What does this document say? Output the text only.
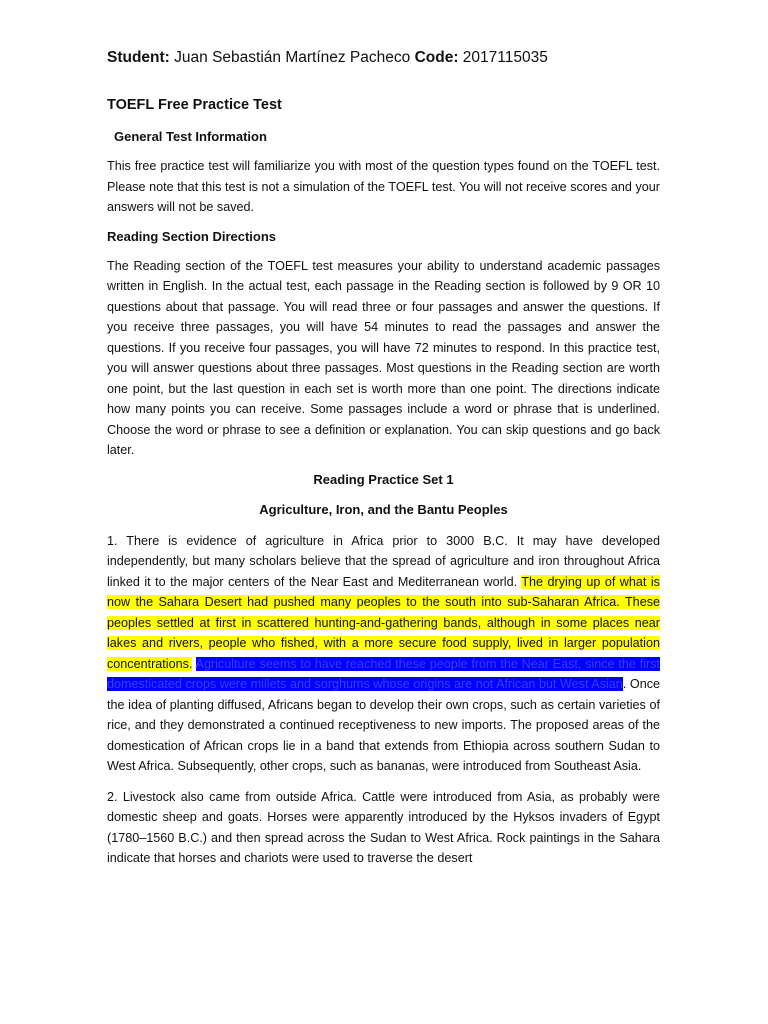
Student: Juan Sebastián Martínez Pacheco Code: 2017115035
TOEFL Free Practice Test
General Test Information

This free practice test will familiarize you with most of the question types found on the TOEFL test. Please note that this test is not a simulation of the TOEFL test. You will not receive scores and your answers will not be saved.

Reading Section Directions

The Reading section of the TOEFL test measures your ability to understand academic passages written in English. In the actual test, each passage in the Reading section is followed by 9 OR 10 questions about that passage. You will read three or four passages and answer the questions. If you receive three passages, you will have 54 minutes to read the passages and answer the questions. If you receive four passages, you will have 72 minutes to respond. In this practice test, you will answer questions about three passages. Most questions in the Reading section are worth one point, but the last question in each set is worth more than one point. The directions indicate how many points you can receive. Some passages include a word or phrase that is underlined. Choose the word or phrase to see a definition or explanation. You can skip questions and go back later.

Reading Practice Set 1
Agriculture, Iron, and the Bantu Peoples

1. There is evidence of agriculture in Africa prior to 3000 B.C. It may have developed independently, but many scholars believe that the spread of agriculture and iron throughout Africa linked it to the major centers of the Near East and Mediterranean world. The drying up of what is now the Sahara Desert had pushed many peoples to the south into sub-Saharan Africa. These peoples settled at first in scattered hunting-and-gathering bands, although in some places near lakes and rivers, people who fished, with a more secure food supply, lived in larger population concentrations. Agriculture seems to have reached these people from the Near East, since the first domesticated crops were millets and sorghums whose origins are not African but West Asian. Once the idea of planting diffused, Africans began to develop their own crops, such as certain varieties of rice, and they demonstrated a continued receptiveness to new imports. The proposed areas of the domestication of African crops lie in a band that extends from Ethiopia across southern Sudan to West Africa. Subsequently, other crops, such as bananas, were introduced from Southeast Asia.

2. Livestock also came from outside Africa. Cattle were introduced from Asia, as probably were domestic sheep and goats. Horses were apparently introduced by the Hyksos invaders of Egypt (1780–1560 B.C.) and then spread across the Sudan to West Africa. Rock paintings in the Sahara indicate that horses and chariots were used to traverse the desert
